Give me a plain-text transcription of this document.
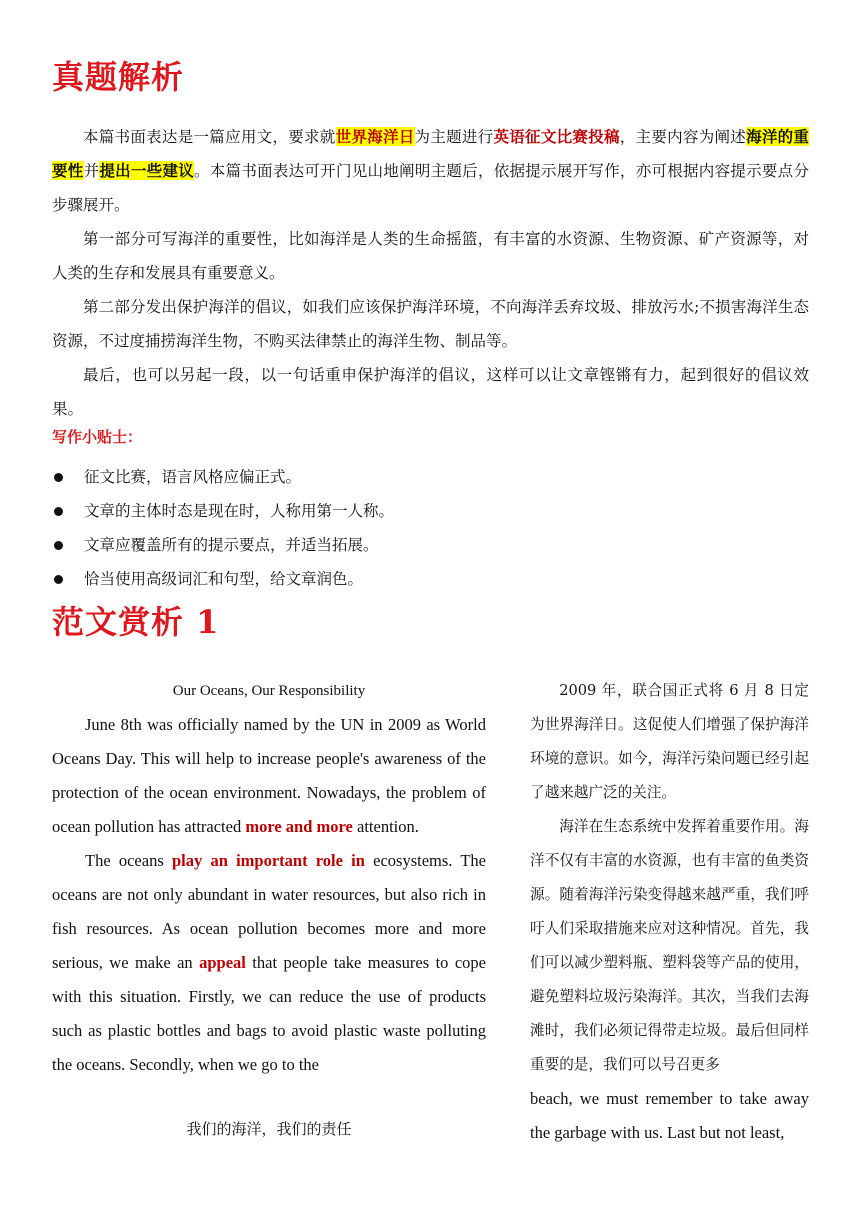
真题解析
本篇书面表达是一篇应用文，要求就世界海洋日为主题进行英语征文比赛投稿，主要内容为阐述海洋的重要性并提出一些建议。本篇书面表达可开门见山地阐明主题后，依据提示展开写作，亦可根据内容提示要点分步骤展开。
第一部分可写海洋的重要性，比如海洋是人类的生命摇篮，有丰富的水资源、生物资源、矿产资源等，对人类的生存和发展具有重要意义。
第二部分发出保护海洋的倡议，如我们应该保护海洋环境，不向海洋丢弃坟圾、排放污水;不损害海洋生态资源，不过度捕捞海洋生物，不购买法律禁止的海洋生物、制品等。
最后，也可以另起一段，以一句话重申保护海洋的倡议，这样可以让文章铿锵有力，起到很好的倡议效果。
写作小贴士：
征文比赛，语言风格应偏正式。
文章的主体时态是现在时，人称用第一人称。
文章应覆盖所有的提示要点，并适当拓展。
恰当使用高级词汇和句型，给文章润色。
范文赏析 1
Our Oceans, Our Responsibility

June 8th was officially named by the UN in 2009 as World Oceans Day. This will help to increase people's awareness of the protection of the ocean environment. Nowadays, the problem of ocean pollution has attracted more and more attention.

The oceans play an important role in ecosystems. The oceans are not only abundant in water resources, but also rich in fish resources. As ocean pollution becomes more and more serious, we make an appeal that people take measures to cope with this situation. Firstly, we can reduce the use of products such as plastic bottles and bags to avoid plastic waste polluting the oceans. Secondly, when we go to the

我们的海洋，我们的责任

2009 年，联合国正式将 6 月 8 日定为世界海洋日。这促使人们增强了保护海洋环境的意识。如今，海洋污染问题已经引起了越来越广泛的关注。

海洋在生态系统中发挥着重要作用。海洋不仅有丰富的水资源，也有丰富的鱼类资源。随着海洋污染变得越来越严重，我们呼吁人们采取措施来应对这种情况。首先，我们可以减少塑料瓶、塑料袋等产品的使用，避免塑料垃圾污染海洋。其次，当我们去海滩时，我们必须记得带走垃圾。最后但同样重要的是，我们可以号召更多

beach, we must remember to take away the garbage with us. Last but not least,
